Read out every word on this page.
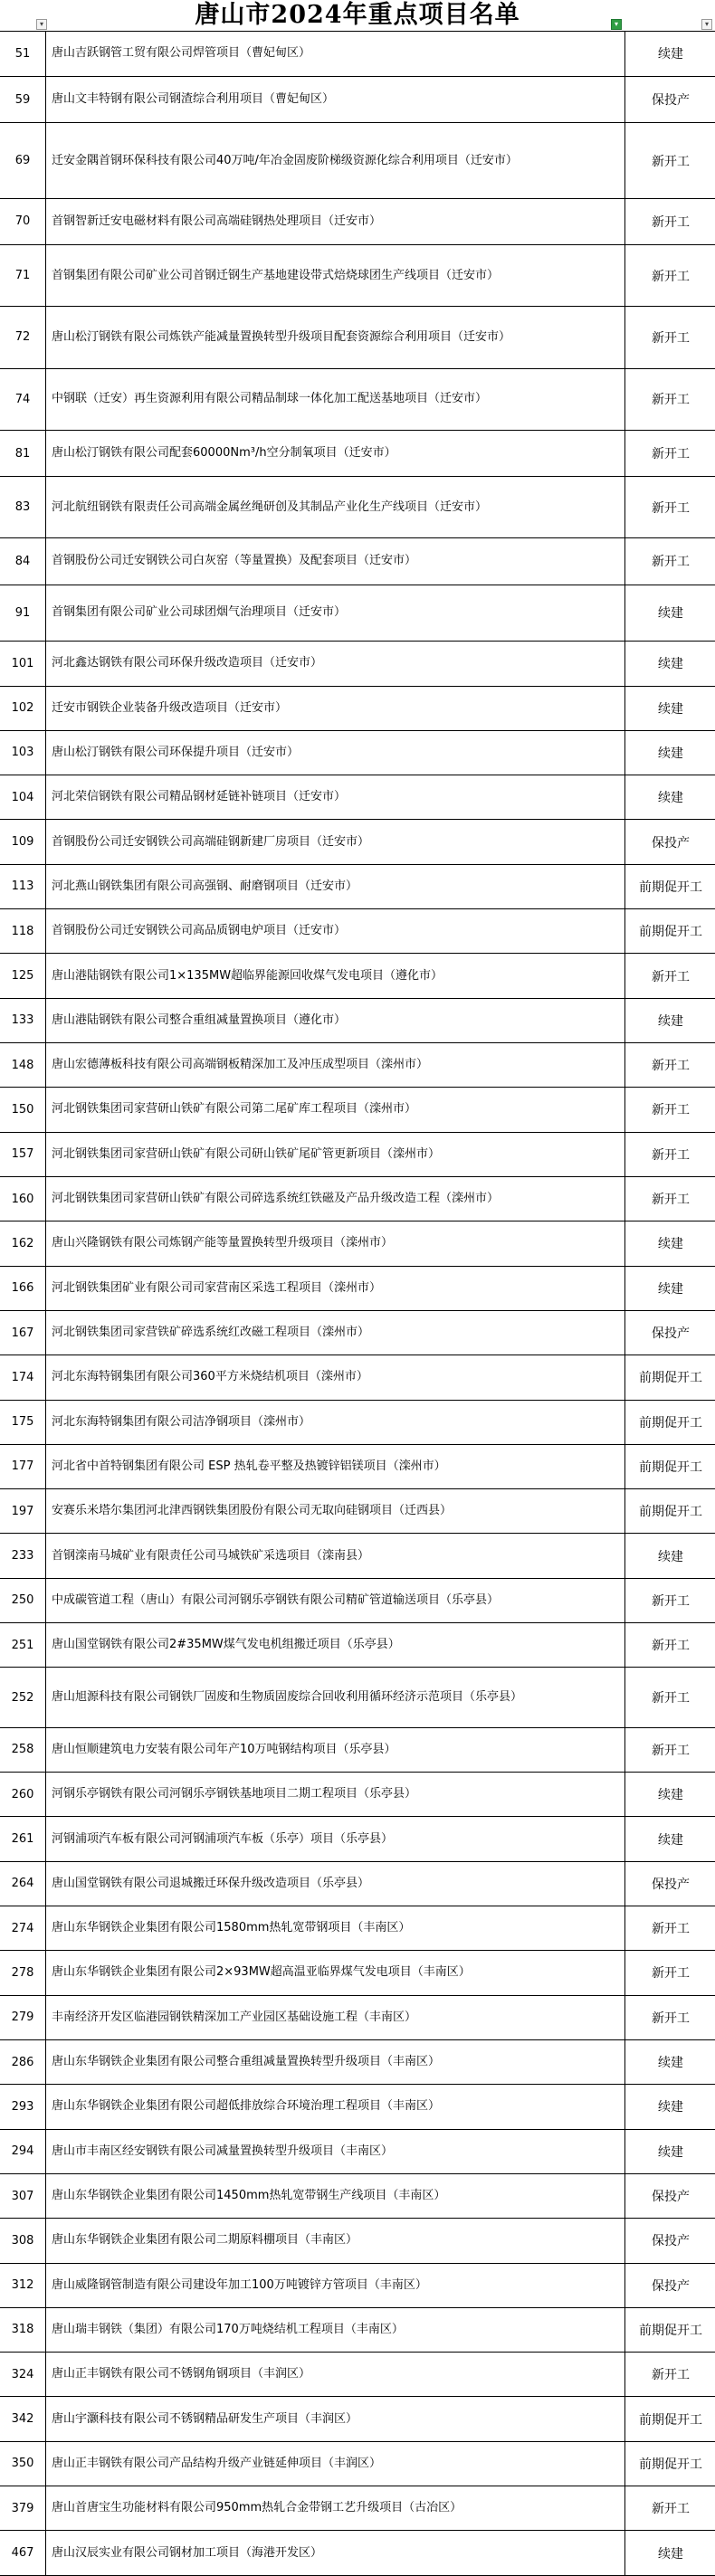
唐山市2024年重点项目名单
▾	▾	▾
51	唐山吉跃钢管工贸有限公司焊管项目（曹妃甸区）	续建
59	唐山文丰特钢有限公司钢渣综合利用项目（曹妃甸区）	保投产
69	迁安金隅首钢环保科技有限公司40万吨/年冶金固废阶梯级资源化综合利用项目（迁安市）	新开工
70	首钢智新迁安电磁材料有限公司高端硅钢热处理项目（迁安市）	新开工
71	首钢集团有限公司矿业公司首钢迁钢生产基地建设带式焙烧球团生产线项目（迁安市）	新开工
72	唐山松汀钢铁有限公司炼铁产能减量置换转型升级项目配套资源综合利用项目（迁安市）	新开工
74	中钢联（迁安）再生资源利用有限公司精品制球一体化加工配送基地项目（迁安市）	新开工
81	唐山松汀钢铁有限公司配套60000Nm³/h空分制氧项目（迁安市）	新开工
83	河北航纽钢铁有限责任公司高端金属丝绳研创及其制品产业化生产线项目（迁安市）	新开工
84	首钢股份公司迁安钢铁公司白灰窑（等量置换）及配套项目（迁安市）	新开工
91	首钢集团有限公司矿业公司球团烟气治理项目（迁安市）	续建
101	河北鑫达钢铁有限公司环保升级改造项目（迁安市）	续建
102	迁安市钢铁企业装备升级改造项目（迁安市）	续建
103	唐山松汀钢铁有限公司环保提升项目（迁安市）	续建
104	河北荣信钢铁有限公司精品钢材延链补链项目（迁安市）	续建
109	首钢股份公司迁安钢铁公司高端硅钢新建厂房项目（迁安市）	保投产
113	河北燕山钢铁集团有限公司高强钢、耐磨钢项目（迁安市）	前期促开工
118	首钢股份公司迁安钢铁公司高品质钢电炉项目（迁安市）	前期促开工
125	唐山港陆钢铁有限公司1×135MW超临界能源回收煤气发电项目（遵化市）	新开工
133	唐山港陆钢铁有限公司整合重组减量置换项目（遵化市）	续建
148	唐山宏德薄板科技有限公司高端钢板精深加工及冲压成型项目（滦州市）	新开工
150	河北钢铁集团司家营研山铁矿有限公司第二尾矿库工程项目（滦州市）	新开工
157	河北钢铁集团司家营研山铁矿有限公司研山铁矿尾矿管更新项目（滦州市）	新开工
160	河北钢铁集团司家营研山铁矿有限公司碎选系统红铁磁及产品升级改造工程（滦州市）	新开工
162	唐山兴隆钢铁有限公司炼钢产能等量置换转型升级项目（滦州市）	续建
166	河北钢铁集团矿业有限公司司家营南区采选工程项目（滦州市）	续建
167	河北钢铁集团司家营铁矿碎选系统红改磁工程项目（滦州市）	保投产
174	河北东海特钢集团有限公司360平方米烧结机项目（滦州市）	前期促开工
175	河北东海特钢集团有限公司洁净钢项目（滦州市）	前期促开工
177	河北省中首特钢集团有限公司 ESP 热轧卷平整及热镀锌铝镁项目（滦州市）	前期促开工
197	安赛乐米塔尔集团河北津西钢铁集团股份有限公司无取向硅钢项目（迁西县）	前期促开工
233	首钢滦南马城矿业有限责任公司马城铁矿采选项目（滦南县）	续建
250	中成碳管道工程（唐山）有限公司河钢乐亭钢铁有限公司精矿管道输送项目（乐亭县）	新开工
251	唐山国堂钢铁有限公司2#35MW煤气发电机组搬迁项目（乐亭县）	新开工
252	唐山旭源科技有限公司钢铁厂固废和生物质固废综合回收利用循环经济示范项目（乐亭县）	新开工
258	唐山恒顺建筑电力安装有限公司年产10万吨钢结构项目（乐亭县）	新开工
260	河钢乐亭钢铁有限公司河钢乐亭钢铁基地项目二期工程项目（乐亭县）	续建
261	河钢浦项汽车板有限公司河钢浦项汽车板（乐亭）项目（乐亭县）	续建
264	唐山国堂钢铁有限公司退城搬迁环保升级改造项目（乐亭县）	保投产
274	唐山东华钢铁企业集团有限公司1580mm热轧宽带钢项目（丰南区）	新开工
278	唐山东华钢铁企业集团有限公司2×93MW超高温亚临界煤气发电项目（丰南区）	新开工
279	丰南经济开发区临港园钢铁精深加工产业园区基础设施工程（丰南区）	新开工
286	唐山东华钢铁企业集团有限公司整合重组减量置换转型升级项目（丰南区）	续建
293	唐山东华钢铁企业集团有限公司超低排放综合环境治理工程项目（丰南区）	续建
294	唐山市丰南区经安钢铁有限公司减量置换转型升级项目（丰南区）	续建
307	唐山东华钢铁企业集团有限公司1450mm热轧宽带钢生产线项目（丰南区）	保投产
308	唐山东华钢铁企业集团有限公司二期原料棚项目（丰南区）	保投产
312	唐山威隆钢管制造有限公司建设年加工100万吨镀锌方管项目（丰南区）	保投产
318	唐山瑞丰钢铁（集团）有限公司170万吨烧结机工程项目（丰南区）	前期促开工
324	唐山正丰钢铁有限公司不锈钢角钢项目（丰润区）	新开工
342	唐山宇灏科技有限公司不锈钢精品研发生产项目（丰润区）	前期促开工
350	唐山正丰钢铁有限公司产品结构升级产业链延伸项目（丰润区）	前期促开工
379	唐山首唐宝生功能材料有限公司950mm热轧合金带钢工艺升级项目（古冶区）	新开工
467	唐山汉辰实业有限公司钢材加工项目（海港开发区）	续建
